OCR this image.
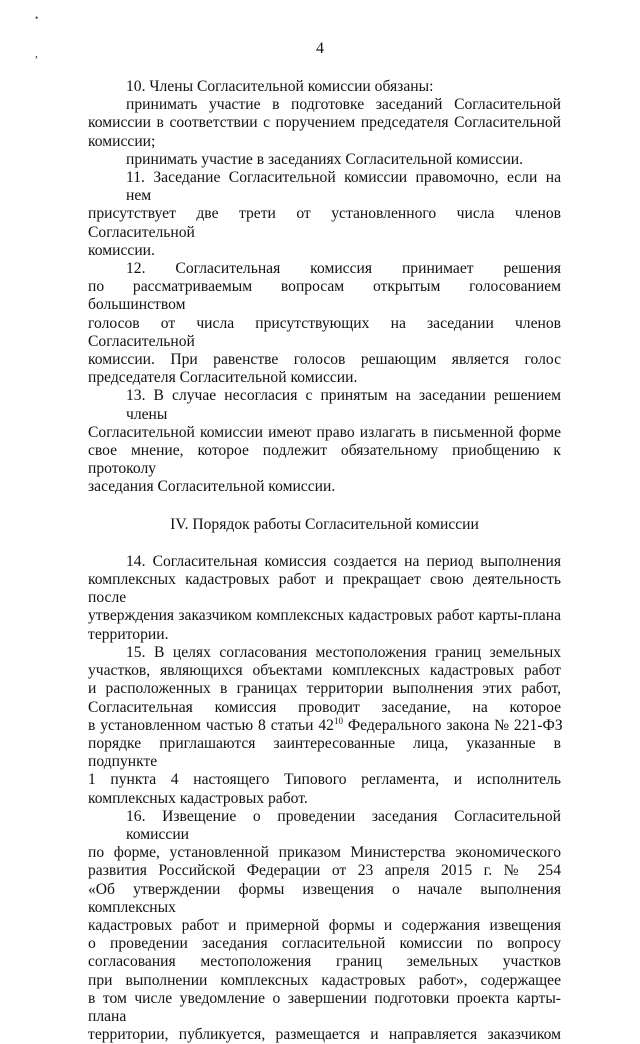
•
ᵜ
4
10. Члены Согласительной комиссии обязаны:
принимать участие в подготовке заседаний Согласительной
комиссии в соответствии с поручением председателя Согласительной
комиссии;
принимать участие в заседаниях Согласительной комиссии.
11. Заседание Согласительной комиссии правомочно, если на нем
присутствует две трети от установленного числа членов Согласительной
комиссии.
12. Согласительная комиссия принимает решения
по рассматриваемым вопросам открытым голосованием большинством
голосов от числа присутствующих на заседании членов Согласительной
комиссии. При равенстве голосов решающим является голос
председателя Согласительной комиссии.
13. В случае несогласия с принятым на заседании решением члены
Согласительной комиссии имеют право излагать в письменной форме
свое мнение, которое подлежит обязательному приобщению к протоколу
заседания Согласительной комиссии.
IV. Порядок работы Согласительной комиссии
14. Согласительная комиссия создается на период выполнения
комплексных кадастровых работ и прекращает свою деятельность после
утверждения заказчиком комплексных кадастровых работ карты-плана
территории.
15. В целях согласования местоположения границ земельных
участков, являющихся объектами комплексных кадастровых работ
и расположенных в границах территории выполнения этих работ,
Согласительная комиссия проводит заседание, на которое
в установленном частью 8 статьи $42^{10}$ Федерального закона № 221-ФЗ
порядке приглашаются заинтересованные лица, указанные в подпункте
1 пункта 4 настоящего Типового регламента, и исполнитель
комплексных кадастровых работ.
16. Извещение о проведении заседания Согласительной комиссии
по форме, установленной приказом Министерства экономического
развития Российской Федерации от 23 апреля 2015 г. № 254
«Об утверждении формы извещения о начале выполнения комплексных
кадастровых работ и примерной формы и содержания извещения
о проведении заседания согласительной комиссии по вопросу
согласования местоположения границ земельных участков
при выполнении комплексных кадастровых работ», содержащее
в том числе уведомление о завершении подготовки проекта карты-плана
территории, публикуется, размещается и направляется заказчиком
